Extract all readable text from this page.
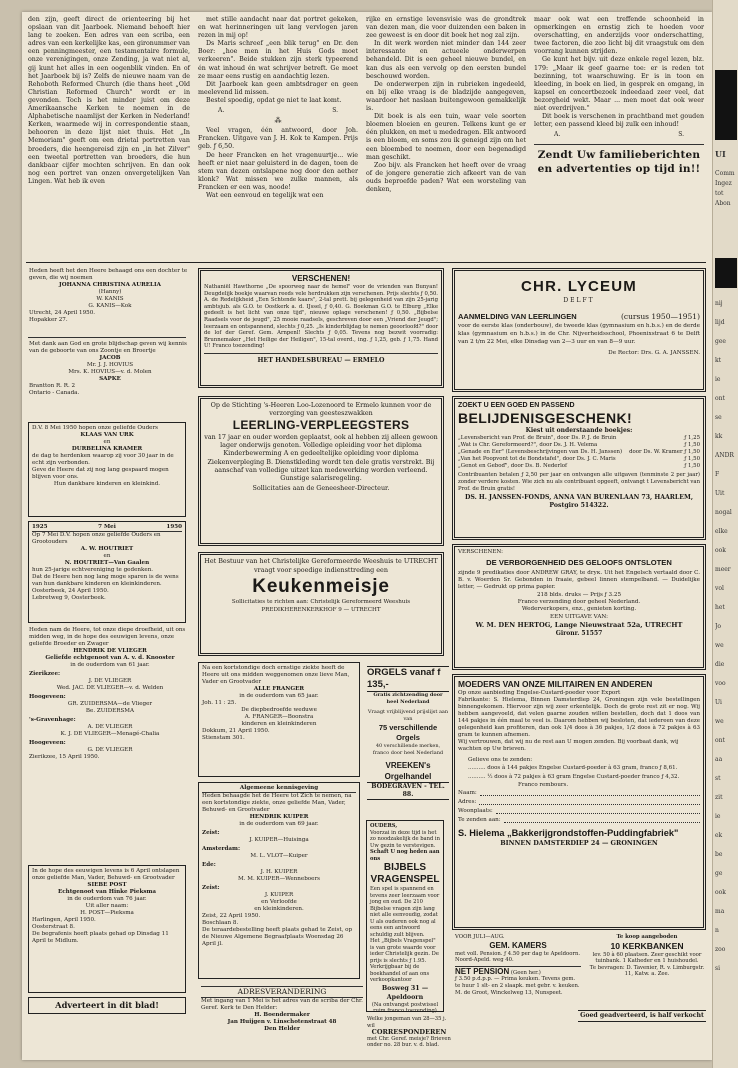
den zijn, geeft direct de orienteering bij het opslaan van dit Jaarboek. Niemand behoeft hier lang te zoeken. Een adres van een scriba, een adres van een kerkelijke kas, een gironummer van een penningmeester, een testamentaire formule, onze verenigingen, onze Zending, ja wat niet al, gij kunt het alles in een oogenblik vinden. En of het Jaarboek bij is? Zelfs de nieuwe naam van de Rehoboth Reformed Church (die thans heet „Old Christian Reformed Church" wordt er in gevonden. Toch is het minder juist om deze Amerikaansche Kerken te noemen in de Alphabetische naamlijst der Kerken in Nederland! Kerken, waarmede wij in correspondentie staan, behooren in deze lijst niet thuis. Het „In Memoriam" geeft om een drietal portretten van broeders, die heengereisd zijn en „in het Zilver" een tweetal portretten van broeders, die hun dankbaar cijfer mochten schrijven. En dan ook nog een portret van onzen onvergetelijken Van Lingen. Wat heb ik even

met stille aandacht naar dat portret gekeken, en wat herinneringen uit lang vervlogen jaren rezen in mij op!

Ds Maris schreef „een blik terug" en Dr. den Boer: „hoe men in het Huis Gods moet verkeeren". Beide stukken zijn sterk typeerend én wat inhoud én wat schrijver betreft. Ge moet ze maar eens rustig en aandachtig lezen.

Dit Jaarboek kan geen ambtsdrager en geen meelevend lid missen.

Bestel spoedig, opdat ge niet te laat komt.

A.	S.
⁂

Veel vragen, één antwoord, door Joh. Francken. Uitgave van J. H. Kok te Kampen. Prijs geb. ƒ 6,50.

De heer Francken en het vragenuurtje... wie heeft er niet naar geluisterd in de dagen, toen de stem van dezen ontslapene nog door den aether klonk? Wat missen we zulke mannen, als Francken er een was, noode!

Wat een eenvoud en tegelijk wat een

rijke en ernstige levensvisie was de grondtrek van dezen man, die voor duizenden een baken in zee geweest is en door dit boek het nog zal zijn.

In dit werk worden niet minder dan 144 zeer interessante en actueele onderwerpen behandeld. Dit is een geheel nieuwe bundel, en kan dus als een vervolg op den eersten bundel beschouwd worden.

De onderwerpen zijn in rubrieken ingedeeld, en bij elke vraag is de bladzijde aangegeven, waardoor het naslaan buitengewoon gemakkelijk is.

Dit boek is als een tuin, waar vele soorten bloemen bloeien en geuren. Telkens kunt ge er één plukken, en met u mededragen. Elk antwoord is een bloem, en soms zou ik geneigd zijn om het een bloembed te noemen, door een begenadigd man geschikt.

Zoo bijv. als Francken het heeft over de vraag of de jongere generatie zich afkeert van de van ouds beproefde paden? Wat een worsteling van denken,

maar ook wat een treffende schoonheid in opmerkingen en ernstig zich te hoeden voor overschatting, en anderzijds voor onderschatting, twee factoren, die zoo licht bij dit vraagstuk om den voorrang kunnen strijden.

Ge kunt het bijv. uit deze enkele regel lezen, blz. 179: „Maar ik geef gaarne toe: er is reden tot bezinning, tot waarschuwing. Er is in toon en kleeding, in boek en lied, in gesprek en omgang, in kapsel en concertbezoek indeedaad zeer veel, dat bezorgheid wekt. Maar ... men moet dat ook weer niet overdrijven."

Dit boek is verschenen in prachtband met gouden letter, een passend kleed bij zulk een inhoud!

A.	S.
Zendt Uw familieberichten en advertenties op tijd in!!
Heden heeft het den Heere behaagd ons een dochter te geven, die wij noemen
JOHANNA CHRISTINA AURELIA
(Hanny)
W. KANIS
G. KANIS—Kok
Utrecht, 24 April 1950.
Hopakker 27.
Met dank aan God en grote blijdschap geven wij kennis van de geboorte van ons Zoontje en Broertje
JACOB
Mr. J. J. HOVIUS
Mrs. K. HOVIUS—v. d. Molen
SAPKE
Brantton R. R. 2
Ontario - Canada.
D.V. 8 Mei 1950 hopen onze geliefde Ouders
KLAAS VAN URK
en
DURBELINA KRAMER
de dag te herdenken waarop zij voor 30 jaar in de echt zijn verbonden.
Geve de Heere dat zij nog lang gespaard mogen blijven voor ons.
Hun dankbare kinderen en kleinkind.
1925	7 Mei	1950
Op 7 Mei D.V. hopen onze geliefde Ouders en Grootouders
A. W. HOUTRIET
en
N. HOUTRIET—Van Gaalen
hun 25-jarige echtvereniging te gedenken.
Dat de Heere hen nog lang moge sparen is de wens van hun dankbare kinderen en kleinkinderen.
Oosterbeek, 24 April 1950.
Lebretweg 9, Oosterbeek.
Heden nam de Heere, tot onze diepe droefheid, uit ons midden weg, in de hope des eeuwigen levens, onze geliefde Broeder en Zwager
HENDRIK DE VLIEGER
Geliefde echtgenoot van A. v. d. Knooster
in de ouderdom van 61 jaar.
Zierikzee:
J. DE VLIEGER
Wed. JAC. DE VLIEGER—v. d. Welden
Hoogeveen:
GR. ZUIDERSMA—de Vlieger
Be. ZUIDERSMA
's-Gravenhage:
A. DE VLIEGER
K. J. DE VLIEGER—Menagé-Chalia
Hoogeveen:
G. DE VLIEGER
Zierikzee, 15 April 1950.
In de hope des eeuwigen levens is 6 April ontslapen onze geliefde Man, Vader, Behuwd- en Grootvader
SIEBE POST
Echtgenoot van Hinke Pieksma
in de ouderdom van 76 jaar.
Uit aller naam:
H. POST—Pieksma
Harlingen, April 1950.
Oosterstraat 8.
De begrafenis heeft plaats gehad op Dinsdag 11 April te Midlum.
Adverteert in dit blad!
VERSCHENEN!
Nathaniël Hawthorne „De spoorweg naar de hemel" voor de vrienden van Bunyan! Deugdelijk boekje waarvan reeds vele herdrukken zijn verschenen. Prijs slechts ƒ 0,50. A. de Redelijkheid „Een Schtende kaars", 2-tal prett. bij gelegenheid van zijn 25-jarig ambtsjub. als G.O. te Oostkerk a. d. IJssel, ƒ 0,40. G. Boekman G.O. te Elburg „Elke gedeelt is het licht van onze tijd", nieuwe oplage verschenen! ƒ 0,50. „Bijbelse Raadsels voor de jeugd", 25 mooie raadsels, geschreven door een „Vriend der Jeugd"; leerzaam en ontspannend, slechts ƒ 0,25. „Is kinderblijdag te nemen geoorloofd?" door de lof der Geref. Gem. Arnpenl! Slechts ƒ 0,05. Tevens nog bezwit voorradig: Brunnemaker „Het Heilige der Heiligen", 15-tal overd., ing. ƒ 1,25, geb. ƒ 1,75. Hand U! Franco toezending!
HET HANDELSBUREAU — ERMELO
Op de Stichting 's-Heeren Loo-Lozenoord te Ermelo kunnen voor de verzorging van geesteszwakken
LEERLING-VERPLEEGSTERS
van 17 jaar en ouder worden geplaatst, ook al hebben zij alleen gewoon lager onderwijs genoten. Volledige opleiding voor het diploma Kinderbewerming A en gedeeltelijke opleiding voor diploma Ziekenverpleging B. Dienstkleding wordt ten dele gratis verstrekt. Bij aanschaf van volledige uitzet kan medewerking worden verleend. Gunstige salarisregeling.
Sollicitaties aan de Geneesheer-Directeur.
Het Bestuur van het Christelijke Gereformeerde Weeshuis te UTRECHT
vraagt voor spoedige indiensttreding een
Keukenmeisje
Sollicitaties te richten aan: Christelijk Gereformeerd Weeshuis
PREDIKHERENKERKHOF 9 — UTRECHT
Na een kortstondige doch ernstige ziekte heeft de Heere uit ons midden weggenomen onze lieve Man, Vader en Grootvader
ALLE FRANGER
in de ouderdom van 65 jaar.
Joh. 11 : 25.
De diepbedroefde weduwe
A. FRANGER—Boonstra
kinderen en kleinkinderen
Dokkum, 21 April 1950.
Stienstam 301.
Algemeene kennisgeving
Heden behaagde het de Heere tot Zich te nemen, na een kortstondige ziekte, onze geliefde Man, Vader, Behuwd- en Grootvader
HENDRIK KUIPER
in de ouderdom van 69 jaar.
Zeist:
J. KUIPER—Huisinga
Amsterdam:
M. L. VLOT—Kuiper
Ede:
J. H. KUIPER
M. M. KUIPER—Wenneboers
Zeist:
J. KUIPER
en Verloofde
en kleinkinderen.
Zeist, 22 April 1950.
Boschlaan 8.
De teraardebestelling heeft plaats gehad te Zeist, op de Nieuwe Algemene Begraafplaats Woensdag 26 April jl.
ADRESVERANDERING
Met ingang van 1 Mei is het adres van de scriba der Chr. Geref. Kerk te Den Helder:
H. Boendermaker
Jan Huijgen v. Linschotenstraat 48
Den Helder
ORGELS vanaf f 135,-
Gratis zichtzending door heel Nederland
Vraagt vrijblijvend prijslijst aan van
75 verschillende Orgels
40 verschillende merken, franco door heel Nederland
VREEKEN's Orgelhandel
BODEGRAVEN - TEL. 88.
OUDERS,
Voorzai in deze tijd is het zo noodzakelijk de band in Uw gezin te verstevigen.
Schaft U nog heden aan ons
BIJBELS VRAGENSPEL
Een spel is spannend en tevens zeer leerzaam voor jong en oud. De 210 Bijbelse vragen zijn lang niet alle eenvoudig, zodat U als ouderen ook nog al eens een antwoord schuldig zult blijven.
Het „Bijbels Vragenspel" is van grote waarde voor ieder Christelijk gezin. De prijs is slechts ƒ 1.95.
Verkrijgbaar bij de boekhandel of aan ons verkoopkantoor
Bosweg 31 — Apeldoorn
(Na ontvangst postwissel ruim franco toezending)
Welke jongeman van 28—35 j. wil
CORRESPONDEREN
met Chr. Geref. meisje? Brieven onder no. 28 bur. v. d. blad.
CHR. LYCEUM
DELFT
AANMELDING VAN LEERLINGEN	(cursus 1950—1951)
voor de eerste klas (onderbouw), de tweede klas (gymnasium en h.b.s.) en de derde klas (gymnasium en h.b.s.) in de Chr. Nijverheidsschool, Phoenixstraat 6 te Delft van 2 t/m 22 Mei, elke Dinsdag van 2—3 uur en van 8—9 uur.
De Rector: Drs. G. A. JANSSEN.
ZOEKT U EEN GOED EN PASSEND
BELIJDENISGESCHENK!
Kiest uit onderstaande boekjes:
„Levensbericht van Prof. de Bruin", door Ds. P. J. de Bruin	ƒ 1,25
„Wat is Chr. Gereformeerd?", door Ds. J. H. Velema	ƒ 1,50
„Genade en Eer" (Levensbeschrijvingen van Ds. H. Janssen) door Ds. W. Kramer ƒ 1,50
„Van het Poopvont tot de Bondstafel", door Ds. J. C. Maris	ƒ 1,50
„Genot en Geboď", door Ds. B. Nederlof	ƒ 1,50
Contribuanten betalen ƒ 2,50 per jaar en ontvangen alle uitgaven (tenminste 2 per jaar) zonder verdere kosten. Wie zich nu als contribuant opgeeft, ontvangt t Levensbericht van Prof. de Bruin gratis!
DS. H. JANSSEN-FONDS, ANNA VAN BURENLAAN 73, HAARLEM, Postgiro 514322.
VERSCHENEN:
DE VERBORGENHEID DES GELOOFS ONTSLOTEN
zijnde 9 predikaties door ANDREW GRAY, te drук. Uit het Engelsch vertaald door C. B. v. Woerden Sr. Gebonden in fraaie, gebeel linnen stempelband. — Duidelijke letter, — Gedrukt op prima papier.
218 blds. druks — Prijs ƒ 3.25
Franco verzending door geheel Nederland.
Wederverkopers, enz., genieten korting.
EEN UITGAVE VAN:
W. M. DEN HERTOG, Lange Nieuwstraat 52a, UTRECHT
Gironr. 51557
MOEDERS VAN ONZE MILITAIREN EN ANDEREN
Op onze aanbieding Engelse-Custard-poeder voor Export
Fabrikante: S. Hielema, Binnen Damsterdiep 24, Groningen zijn vele bestellingen binnengekomen. Hiervoor zijn wij zeer erkentelijk. Doch de grote rest zit er nog. Wij hebben aangevoeld, dat velen gaarne zouden willen bestellen, doch dat 1 doos van 144 pakjes in één maal te veel is. Daarom hebben wij besloten, dat iedereen van deze gelegenheid kan profiteren, dan ook 1/4 doos à 36 pakjes, 1/2 doos à 72 pakjes à 63 gram te kunnen afnemen.
Wij vertrouwen, dat wij nu de rest aan U mogen zenden. Bij voorbaat dank, wij wachten op Uw brieven.
Gelieve ons te zenden:
.......... doos à 144 pakjes Engelse Custard-poeder à 63 gram, franco ƒ 8,61.
.......... ½ doos à 72 pakjes à 63 gram Engelse Custard-poeder franco ƒ 4,32.
Franco rembours.
Naam:
Adres:
Woonplaats:
Te zenden aan:
S. Hielema „Bakkerijgrondstoffen-Puddingfabriek"
BINNEN DAMSTERDIEP 24 — GRONINGEN
VOOR JULI—AUG.
GEM. KAMERS
met voll. Pension. ƒ 4.50 per dag te Apeldoorn. Noord-Apeld. weg 40.
NET PENSION (Geen her.)
ƒ 3.50 p.d.p.p. — Prima keuken. Tevens gem. te huur 1 slt- en 2 slaapk. met gebr. v. keuken.
M. de Groot, Winckelweg 13, Nunspeet.
Te koop aangeboden
10 KERKBANKEN
lev. 50 à 60 plaatsen. Zeer geschikt voor tuinbank. 1 Katheder en 1 huishoudel.
Te bevragen: D. Tavenier, R. v. Limburgstr. 11, Katw. a. Zee.
Goed geadverteerd, is half verkocht
UI
Comm
Ingez
tot
Abon
nij
lijd
gee
kt
ie
ont
se
kk
ANDR
F
Uit
nogal
elke
ook
meer
vol
het
Jo
we
die
voo
Ui
we
ont
aa
st
zit
ie
ek
be
ge
ook
ma
n
zoo
si
